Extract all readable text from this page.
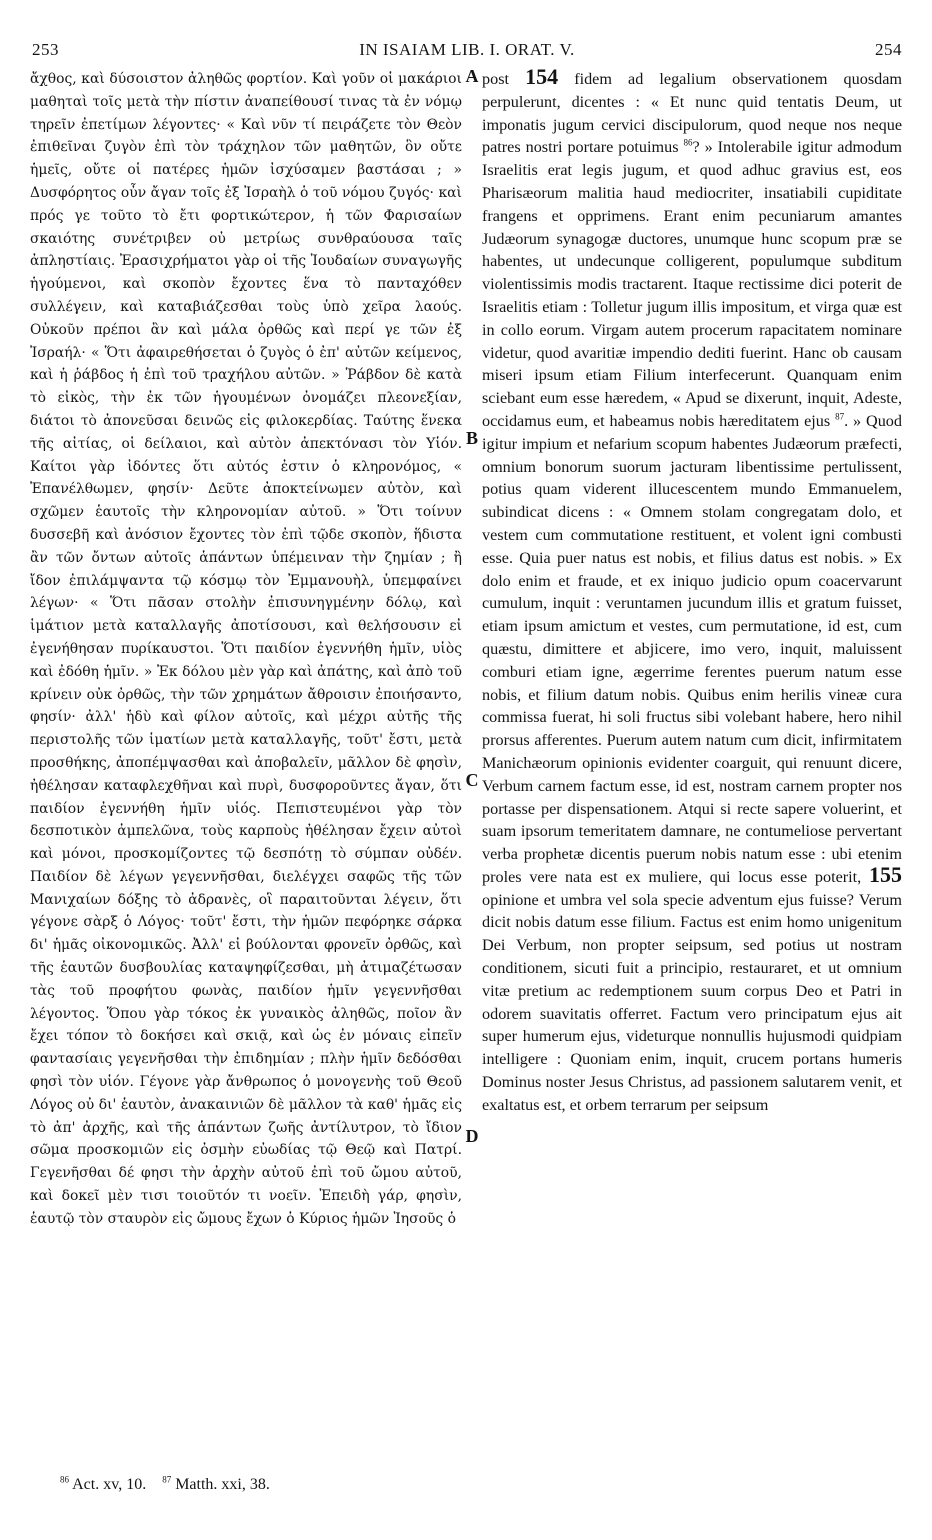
253	IN ISAIAM LIB. I. ORAT. V.	254

ἄχθος, καὶ δύσοιστον ἀληθῶς φορτίον. Καὶ γοῦν οἱ μακάριοι μαθηταὶ τοῖς μετὰ τὴν πίστιν ἀναπείθουσί τινας τὰ ἐν νόμῳ τηρεῖν ἐπετίμων λέγοντες· « Καὶ νῦν τί πειράζετε τὸν Θεὸν ἐπιθεῖναι ζυγὸν ἐπὶ τὸν τράχηλον τῶν μαθητῶν, ὃν οὔτε ἡμεῖς, οὔτε οἱ πατέρες ἡμῶν ἰσχύσαμεν βαστάσαι ; » Δυσφόρητος οὖν ἄγαν τοῖς ἐξ Ἰσραὴλ ὁ τοῦ νόμου ζυγός· καὶ πρός γε τοῦτο τὸ ἔτι φορτικώτερον, ἡ τῶν Φαρισαίων σκαιότης συνέτριβεν οὐ μετρίως συνθραύουσα ταῖς ἀπληστίαις. Ἐρασιχρήματοι γὰρ οἱ τῆς Ἰουδαίων συναγωγῆς ἡγούμενοι, καὶ σκοπὸν ἔχοντες ἕνα τὸ πανταχόθεν συλλέγειν, καὶ καταβιάζεσθαι τοὺς ὑπὸ χεῖρα λαούς. Οὐκοῦν πρέποι ἂν καὶ μάλα ὀρθῶς καὶ περί γε τῶν ἐξ Ἰσραήλ· « Ὅτι ἀφαιρεθήσεται ὁ ζυγὸς ὁ ἐπ' αὐτῶν κείμενος, καὶ ἡ ῥάβδος ἡ ἐπὶ τοῦ τραχήλου αὐτῶν. » Ῥάβδον δὲ κατὰ τὸ εἰκὸς, τὴν ἐκ τῶν ἡγουμένων ὀνομάζει πλεονεξίαν, διάτοι τὸ ἀπονεῦσαι δεινῶς εἰς φιλοκερδίας. Ταύτης ἕνεκα τῆς αἰτίας, οἱ δείλαιοι, καὶ αὐτὸν ἀπεκτόνασι τὸν Υἱόν. Καίτοι γὰρ ἰδόντες ὅτι αὐτός ἐστιν ὁ κληρονόμος, « Ἐπανέλθωμεν, φησίν· Δεῦτε ἀποκτείνωμεν αὐτὸν, καὶ σχῶμεν ἑαυτοῖς τὴν κληρονομίαν αὐτοῦ. » Ὅτι τοίνυν δυσσεβῆ καὶ ἀνόσιον ἔχοντες τὸν ἐπὶ τῷδε σκοπὸν, ἥδιστα ἂν τῶν ὄντων αὐτοῖς ἁπάντων ὑπέμειναν τὴν ζημίαν ; ἢ ἴδον ἐπιλάμψαντα τῷ κόσμῳ τὸν Ἐμμανουὴλ, ὑπεμφαίνει λέγων· « Ὅτι πᾶσαν στολὴν ἐπισυνηγμένην δόλῳ, καὶ ἱμάτιον μετὰ καταλλαγῆς ἀποτίσουσι, καὶ θελήσουσιν εἰ ἐγενήθησαν πυρίκαυστοι. Ὅτι παιδίον ἐγεννήθη ἡμῖν, υἱὸς καὶ ἐδόθη ἡμῖν. » Ἐκ δόλου μὲν γὰρ καὶ ἀπάτης, καὶ ἀπὸ τοῦ κρίνειν οὐκ ὀρθῶς, τὴν τῶν χρημάτων ἄθροισιν ἐποιήσαντο, φησίν· ἀλλ' ἡδὺ καὶ φίλον αὐτοῖς, καὶ μέχρι αὐτῆς τῆς περιστολῆς τῶν ἱματίων μετὰ καταλλαγῆς, τοῦτ' ἔστι, μετὰ προσθήκης, ἀποπέμψασθαι καὶ ἀποβαλεῖν, μᾶλλον δὲ φησὶν, ἠθέλησαν καταφλεχθῆναι καὶ πυρὶ, δυσφοροῦντες ἄγαν, ὅτι παιδίον ἐγεννήθη ἡμῖν υἱός. Πεπιστευμένοι γὰρ τὸν δεσποτικὸν ἀμπελῶνα, τοὺς καρποὺς ἠθέλησαν ἔχειν αὐτοὶ καὶ μόνοι, προσκομίζοντες τῷ δεσπότῃ τὸ σύμπαν οὐδέν. Παιδίον δὲ λέγων γεγεννῆσθαι, διελέγχει σαφῶς τῆς τῶν Μανιχαίων δόξης τὸ ἀδρανὲς, οἳ παραιτοῦνται λέγειν, ὅτι γέγονε σὰρξ ὁ Λόγος· τοῦτ' ἔστι, τὴν ἡμῶν πεφόρηκε σάρκα δι' ἡμᾶς οἰκονομικῶς. Ἀλλ' εἰ βούλονται φρονεῖν ὀρθῶς, καὶ τῆς ἑαυτῶν δυσβουλίας καταψηφίζεσθαι, μὴ ἀτιμαζέτωσαν τὰς τοῦ προφήτου φωνὰς, παιδίον ἡμῖν γεγεννῆσθαι λέγοντος. Ὅπου γὰρ τόκος ἐκ γυναικὸς ἀληθῶς, ποῖον ἂν ἔχει τόπον τὸ δοκήσει καὶ σκιᾷ, καὶ ὡς ἐν μόναις εἰπεῖν φαντασίαις γεγενῆσθαι τὴν ἐπιδημίαν ; πλὴν ἡμῖν δεδόσθαι φησὶ τὸν υἱόν. Γέγονε γὰρ ἄνθρωπος ὁ μονογενὴς τοῦ Θεοῦ Λόγος οὐ δι' ἑαυτὸν, ἀνακαινιῶν δὲ μᾶλλον τὰ καθ' ἡμᾶς εἰς τὸ ἀπ' ἀρχῆς, καὶ τῆς ἁπάντων ζωῆς ἀντίλυτρον, τὸ ἴδιον σῶμα προσκομιῶν εἰς ὀσμὴν εὐωδίας τῷ Θεῷ καὶ Πατρί. Γεγενῆσθαι δέ φησι τὴν ἀρχὴν αὐτοῦ ἐπὶ τοῦ ὤμου αὐτοῦ, καὶ δοκεῖ μὲν τισι τοιοῦτόν τι νοεῖν. Ἐπειδὴ γάρ, φησὶν, ἑαυτῷ τὸν σταυρὸν εἰς ὤμους ἔχων ὁ Κύριος ἡμῶν Ἰησοῦς ὁ

A
B
C
D

post 154 fidem ad legalium observationem quosdam perpulerunt, dicentes : « Et nunc quid tentatis Deum, ut imponatis jugum cervici discipulorum, quod neque nos neque patres nostri portare potuimus $^{86}$? » Intolerabile igitur admodum Israelitis erat legis jugum, et quod adhuc gravius est, eos Pharisæorum malitia haud mediocriter, insatiabili cupiditate frangens et opprimens. Erant enim pecuniarum amantes Judæorum synagogæ ductores, unumque hunc scopum præ se habentes, ut undecunque colligerent, populumque subditum violentissimis modis tractarent. Itaque rectissime dici poterit de Israelitis etiam : Tolletur jugum illis impositum, et virga quæ est in collo eorum. Virgam autem procerum rapacitatem nominare videtur, quod avaritiæ impendio dediti fuerint. Hanc ob causam miseri ipsum etiam Filium interfecerunt. Quanquam enim sciebant eum esse hæredem, « Apud se dixerunt, inquit, Adeste, occidamus eum, et habeamus nobis hæreditatem ejus $^{87}$. » Quod igitur impium et nefarium scopum habentes Judæorum præfecti, omnium bonorum suorum jacturam libentissime pertulissent, potius quam viderent illucescentem mundo Emmanuelem, subindicat dicens : « Omnem stolam congregatam dolo, et vestem cum commutatione restituent, et volent igni combusti esse. Quia puer natus est nobis, et filius datus est nobis. » Ex dolo enim et fraude, et ex iniquo judicio opum coacervarunt cumulum, inquit : veruntamen jucundum illis et gratum fuisset, etiam ipsum amictum et vestes, cum permutatione, id est, cum quæstu, dimittere et abjicere, imo vero, inquit, maluissent comburi etiam igne, ægerrime ferentes puerum natum esse nobis, et filium datum nobis. Quibus enim herilis vineæ cura commissa fuerat, hi soli fructus sibi volebant habere, hero nihil prorsus afferentes. Puerum autem natum cum dicit, infirmitatem Manichæorum opinionis evidenter coarguit, qui renuunt dicere, Verbum carnem factum esse, id est, nostram carnem propter nos portasse per dispensationem. Atqui si recte sapere voluerint, et suam ipsorum temeritatem damnare, ne contumeliose pervertant verba prophetæ dicentis puerum nobis natum esse : ubi etenim proles vere nata est ex muliere, qui locus esse poterit, 155 opinione et umbra vel sola specie adventum ejus fuisse? Verum dicit nobis datum esse filium. Factus est enim homo unigenitum Dei Verbum, non propter seipsum, sed potius ut nostram conditionem, sicuti fuit a principio, restauraret, et ut omnium vitæ pretium ac redemptionem suum corpus Deo et Patri in odorem suavitatis offerret. Factum vero principatum ejus ait super humerum ejus, videturque nonnullis hujusmodi quidpiam intelligere : Quoniam enim, inquit, crucem portans humeris Dominus noster Jesus Christus, ad passionem salutarem venit, et exaltatus est, et orbem terrarum per seipsum

$^{86}$ Act. xv, 10. $^{87}$ Matth. xxi, 38.
